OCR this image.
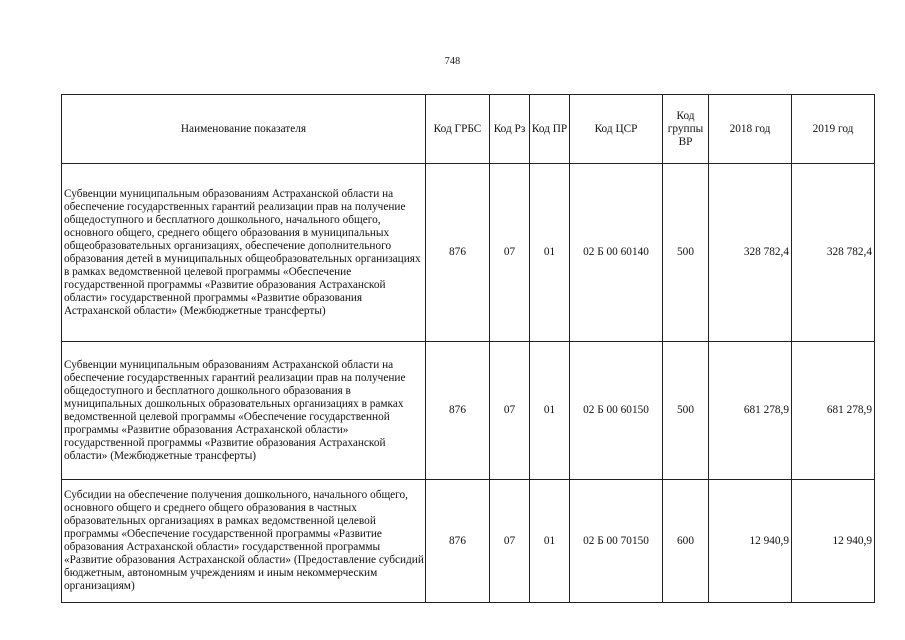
748
Наименование показателя	Код ГРБС	Код Рз	Код ПР	Код ЦСР	Код группы ВР	2018 год	2019 год
Субвенции муниципальным образованиям Астраханской области на обеспечение государственных гарантий реализации прав на получение общедоступного и бесплатного дошкольного, начального общего, основного общего, среднего общего образования в муниципальных общеобразовательных организациях, обеспечение дополнительного образования детей в муниципальных общеобразовательных организациях в рамках ведомственной целевой программы «Обеспечение государственной программы «Развитие образования Астраханской области» государственной программы «Развитие образования Астраханской области» (Межбюджетные трансферты)	876	07	01	02 Б 00 60140	500	328 782,4	328 782,4
Субвенции муниципальным образованиям Астраханской области на обеспечение государственных гарантий реализации прав на получение общедоступного и бесплатного дошкольного образования в муниципальных дошкольных образовательных организациях в рамках ведомственной целевой программы «Обеспечение государственной программы «Развитие образования Астраханской области» государственной программы «Развитие образования Астраханской области» (Межбюджетные трансферты)	876	07	01	02 Б 00 60150	500	681 278,9	681 278,9
Субсидии на обеспечение получения дошкольного, начального общего, основного общего и среднего общего образования в частных образовательных организациях в рамках ведомственной целевой программы «Обеспечение государственной программы «Развитие образования Астраханской области» государственной программы «Развитие образования Астраханской области» (Предоставление субсидий бюджетным, автономным учреждениям и иным некоммерческим организациям)	876	07	01	02 Б 00 70150	600	12 940,9	12 940,9
